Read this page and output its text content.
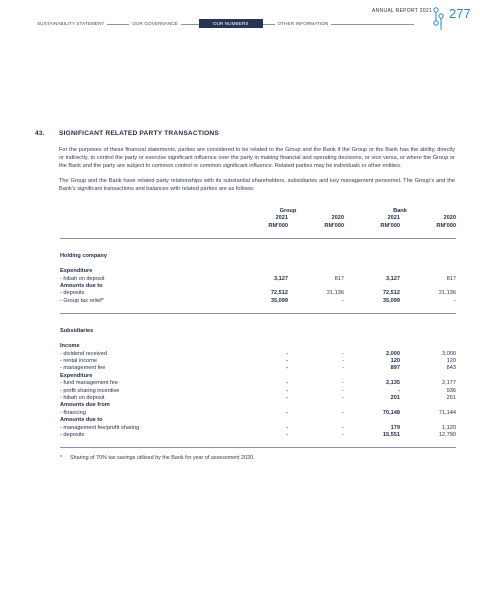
SUSTAINABILITY STATEMENT	OUR GOVERNANCE	OUR NUMBERS	OTHER INFORMATION
ANNUAL REPORT 2021 277
43. SIGNIFICANT RELATED PARTY TRANSACTIONS
For the purposes of these financial statements, parties are considered to be related to the Group and the Bank if the Group or the Bank has the ability, directly or indirectly, to control the party or exercise significant influence over the party in making financial and operating decisions, or vice versa, or where the Group or the Bank and the party are subject to common control or common significant influence. Related parties may be individuals or other entities.
The Group and the Bank have related party relationships with its substantial shareholders, subsidiaries and key management personnel. The Group’s and the Bank’s significant transactions and balances with related parties are as follows:
	Group		Bank	
	2021	2020	2021	2020
	RM’000	RM’000	RM’000	RM’000

Holding company				

Expenditure				
- hibah on deposit	3,127	817	3,127	817
Amounts due to				
- deposits	72,512	21,136	72,512	21,136
- Group tax relief*	35,099	-	35,099	-

Subsidiaries				

Income				
- dividend received	-	-	2,000	3,000
- rental income	-	-	120	120
- management fee	-	-	897	843
Expenditure				
- fund management fee	-	-	2,135	2,177
- profit sharing incentive	-	-	-	936
- hibah on deposit	-	-	201	261
Amounts due from				
- financing	-	-	70,148	71,144
Amounts due to				
- management fee/profit sharing	-	-	179	1,120
- deposits	-	-	15,551	12,790

* Sharing of 70% tax savings utilised by the Bank for year of assessment 2020.
